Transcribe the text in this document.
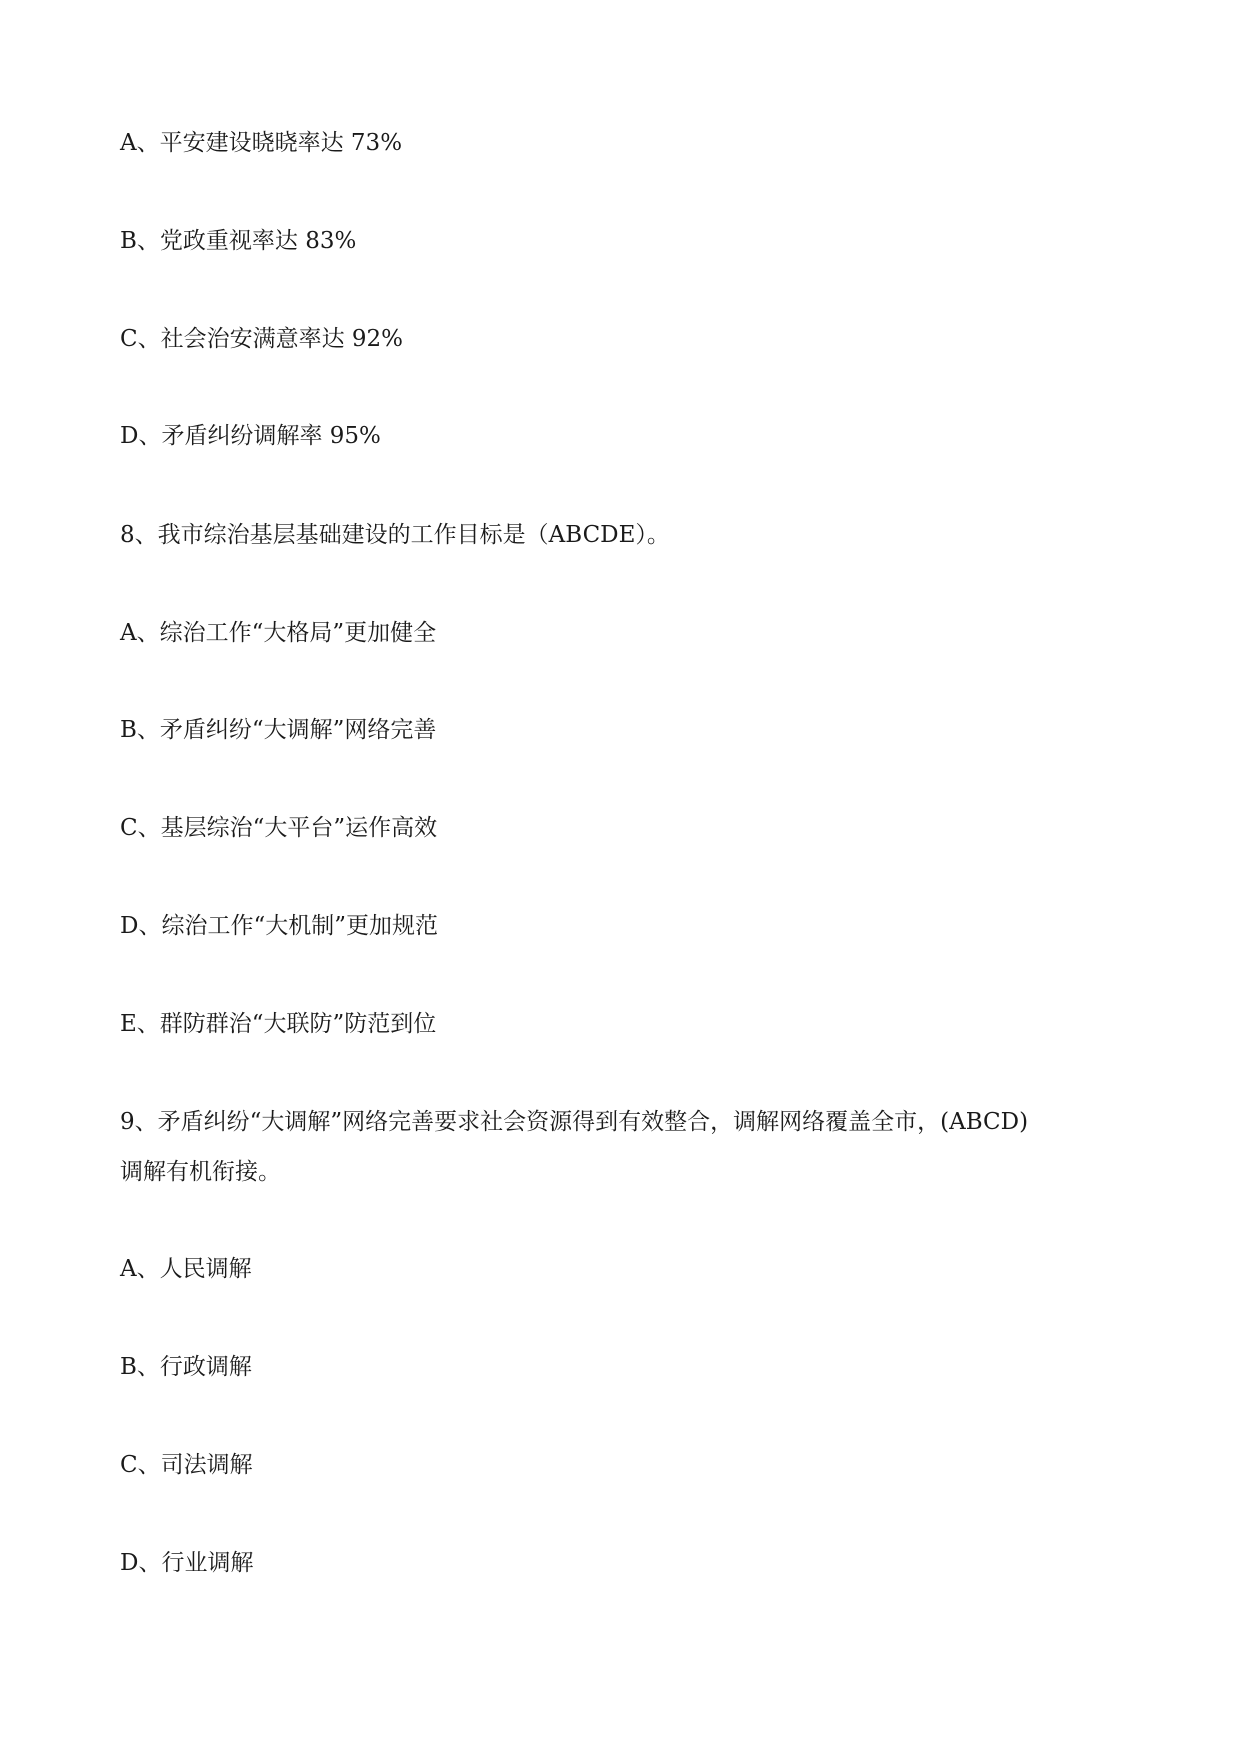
A、平安建设晓晓率达 73%
B、党政重视率达 83%
C、社会治安满意率达 92%
D、矛盾纠纷调解率 95%
8、我市综治基层基础建设的工作目标是（ABCDE）。
A、综治工作“大格局”更加健全
B、矛盾纠纷“大调解”网络完善
C、基层综治“大平台”运作高效
D、综治工作“大机制”更加规范
E、群防群治“大联防”防范到位
9、矛盾纠纷“大调解”网络完善要求社会资源得到有效整合，调解网络覆盖全市，(ABCD)
调解有机衔接。
A、人民调解
B、行政调解
C、司法调解
D、行业调解
